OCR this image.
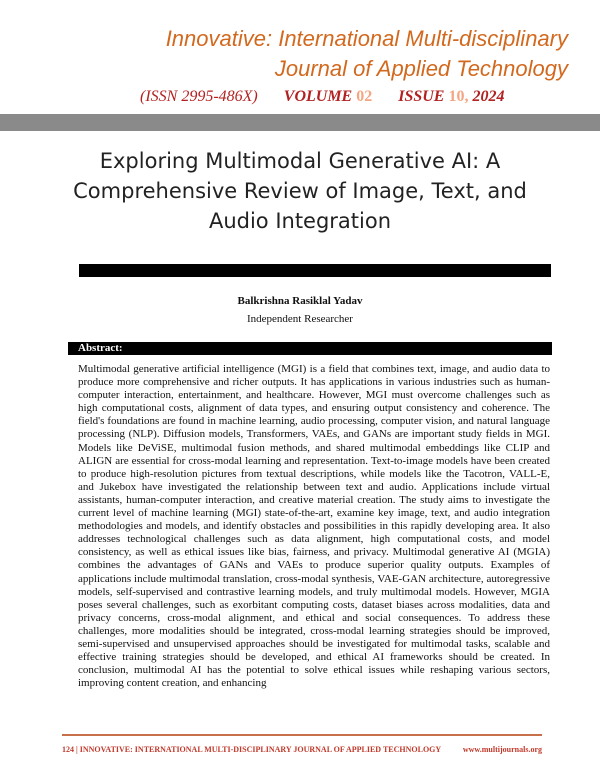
Innovative: International Multi-disciplinary
Journal of Applied Technology
(ISSN 2995-486X) VOLUME 02 ISSUE 10, 2024
Exploring Multimodal Generative AI: A Comprehensive Review of Image, Text, and Audio Integration
Balkrishna Rasiklal Yadav
Independent Researcher
Abstract:
Multimodal generative artificial intelligence (MGI) is a field that combines text, image, and audio data to produce more comprehensive and richer outputs. It has applications in various industries such as human-computer interaction, entertainment, and healthcare. However, MGI must overcome challenges such as high computational costs, alignment of data types, and ensuring output consistency and coherence. The field's foundations are found in machine learning, audio processing, computer vision, and natural language processing (NLP). Diffusion models, Transformers, VAEs, and GANs are important study fields in MGI. Models like DeViSE, multimodal fusion methods, and shared multimodal embeddings like CLIP and ALIGN are essential for cross-modal learning and representation. Text-to-image models have been created to produce high-resolution pictures from textual descriptions, while models like the Tacotron, VALL-E, and Jukebox have investigated the relationship between text and audio. Applications include virtual assistants, human-computer interaction, and creative material creation. The study aims to investigate the current level of machine learning (MGI) state-of-the-art, examine key image, text, and audio integration methodologies and models, and identify obstacles and possibilities in this rapidly developing area. It also addresses technological challenges such as data alignment, high computational costs, and model consistency, as well as ethical issues like bias, fairness, and privacy. Multimodal generative AI (MGIA) combines the advantages of GANs and VAEs to produce superior quality outputs. Examples of applications include multimodal translation, cross-modal synthesis, VAE-GAN architecture, autoregressive models, self-supervised and contrastive learning models, and truly multimodal models. However, MGIA poses several challenges, such as exorbitant computing costs, dataset biases across modalities, data and privacy concerns, cross-modal alignment, and ethical and social consequences. To address these challenges, more modalities should be integrated, cross-modal learning strategies should be improved, semi-supervised and unsupervised approaches should be investigated for multimodal tasks, scalable and effective training strategies should be developed, and ethical AI frameworks should be created. In conclusion, multimodal AI has the potential to solve ethical issues while reshaping various sectors, improving content creation, and enhancing
124 | INNOVATIVE: INTERNATIONAL MULTI-DISCIPLINARY JOURNAL OF APPLIED TECHNOLOGY	www.multijournals.org
